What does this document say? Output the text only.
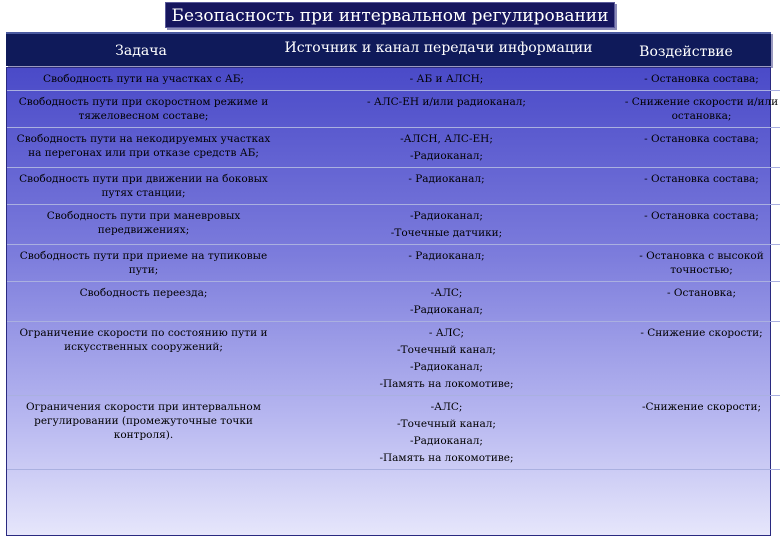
Безопасность при интервальном регулировании
Задача	Источник и канал передачи информации	Воздействие
Свободность пути на участках с АБ;	- АБ и АЛСН;	- Остановка состава;

Свободность пути при скоростном режиме и
тяжеловесном составе;	- АЛС-ЕН и/или радиоканал;	- Снижение скорости и/или
остановка;

Свободность пути на некодируемых участках
на перегонах или при отказе средств АБ;	-АЛСН, АЛС-ЕН;
-Радиоканал;	- Остановка состава;

Свободность пути при движении на боковых
путях станции;	- Радиоканал;	- Остановка состава;

Свободность пути при маневровых
передвижениях;	-Радиоканал;
-Точечные датчики;	- Остановка состава;

Свободность пути при приеме на тупиковые
пути;	- Радиоканал;	- Остановка с высокой
точностью;

Свободность переезда;	-АЛС;
-Радиоканал;	- Остановка;

Ограничение скорости по состоянию пути и
искусственных сооружений;	- АЛС;
-Точечный канал;
-Радиоканал;
-Память на локомотиве;	- Снижение скорости;

Ограничения скорости при интервальном
регулировании (промежуточные точки
контроля).	-АЛС;
-Точечный канал;
-Радиоканал;
-Память на локомотиве;	-Снижение скорости;
